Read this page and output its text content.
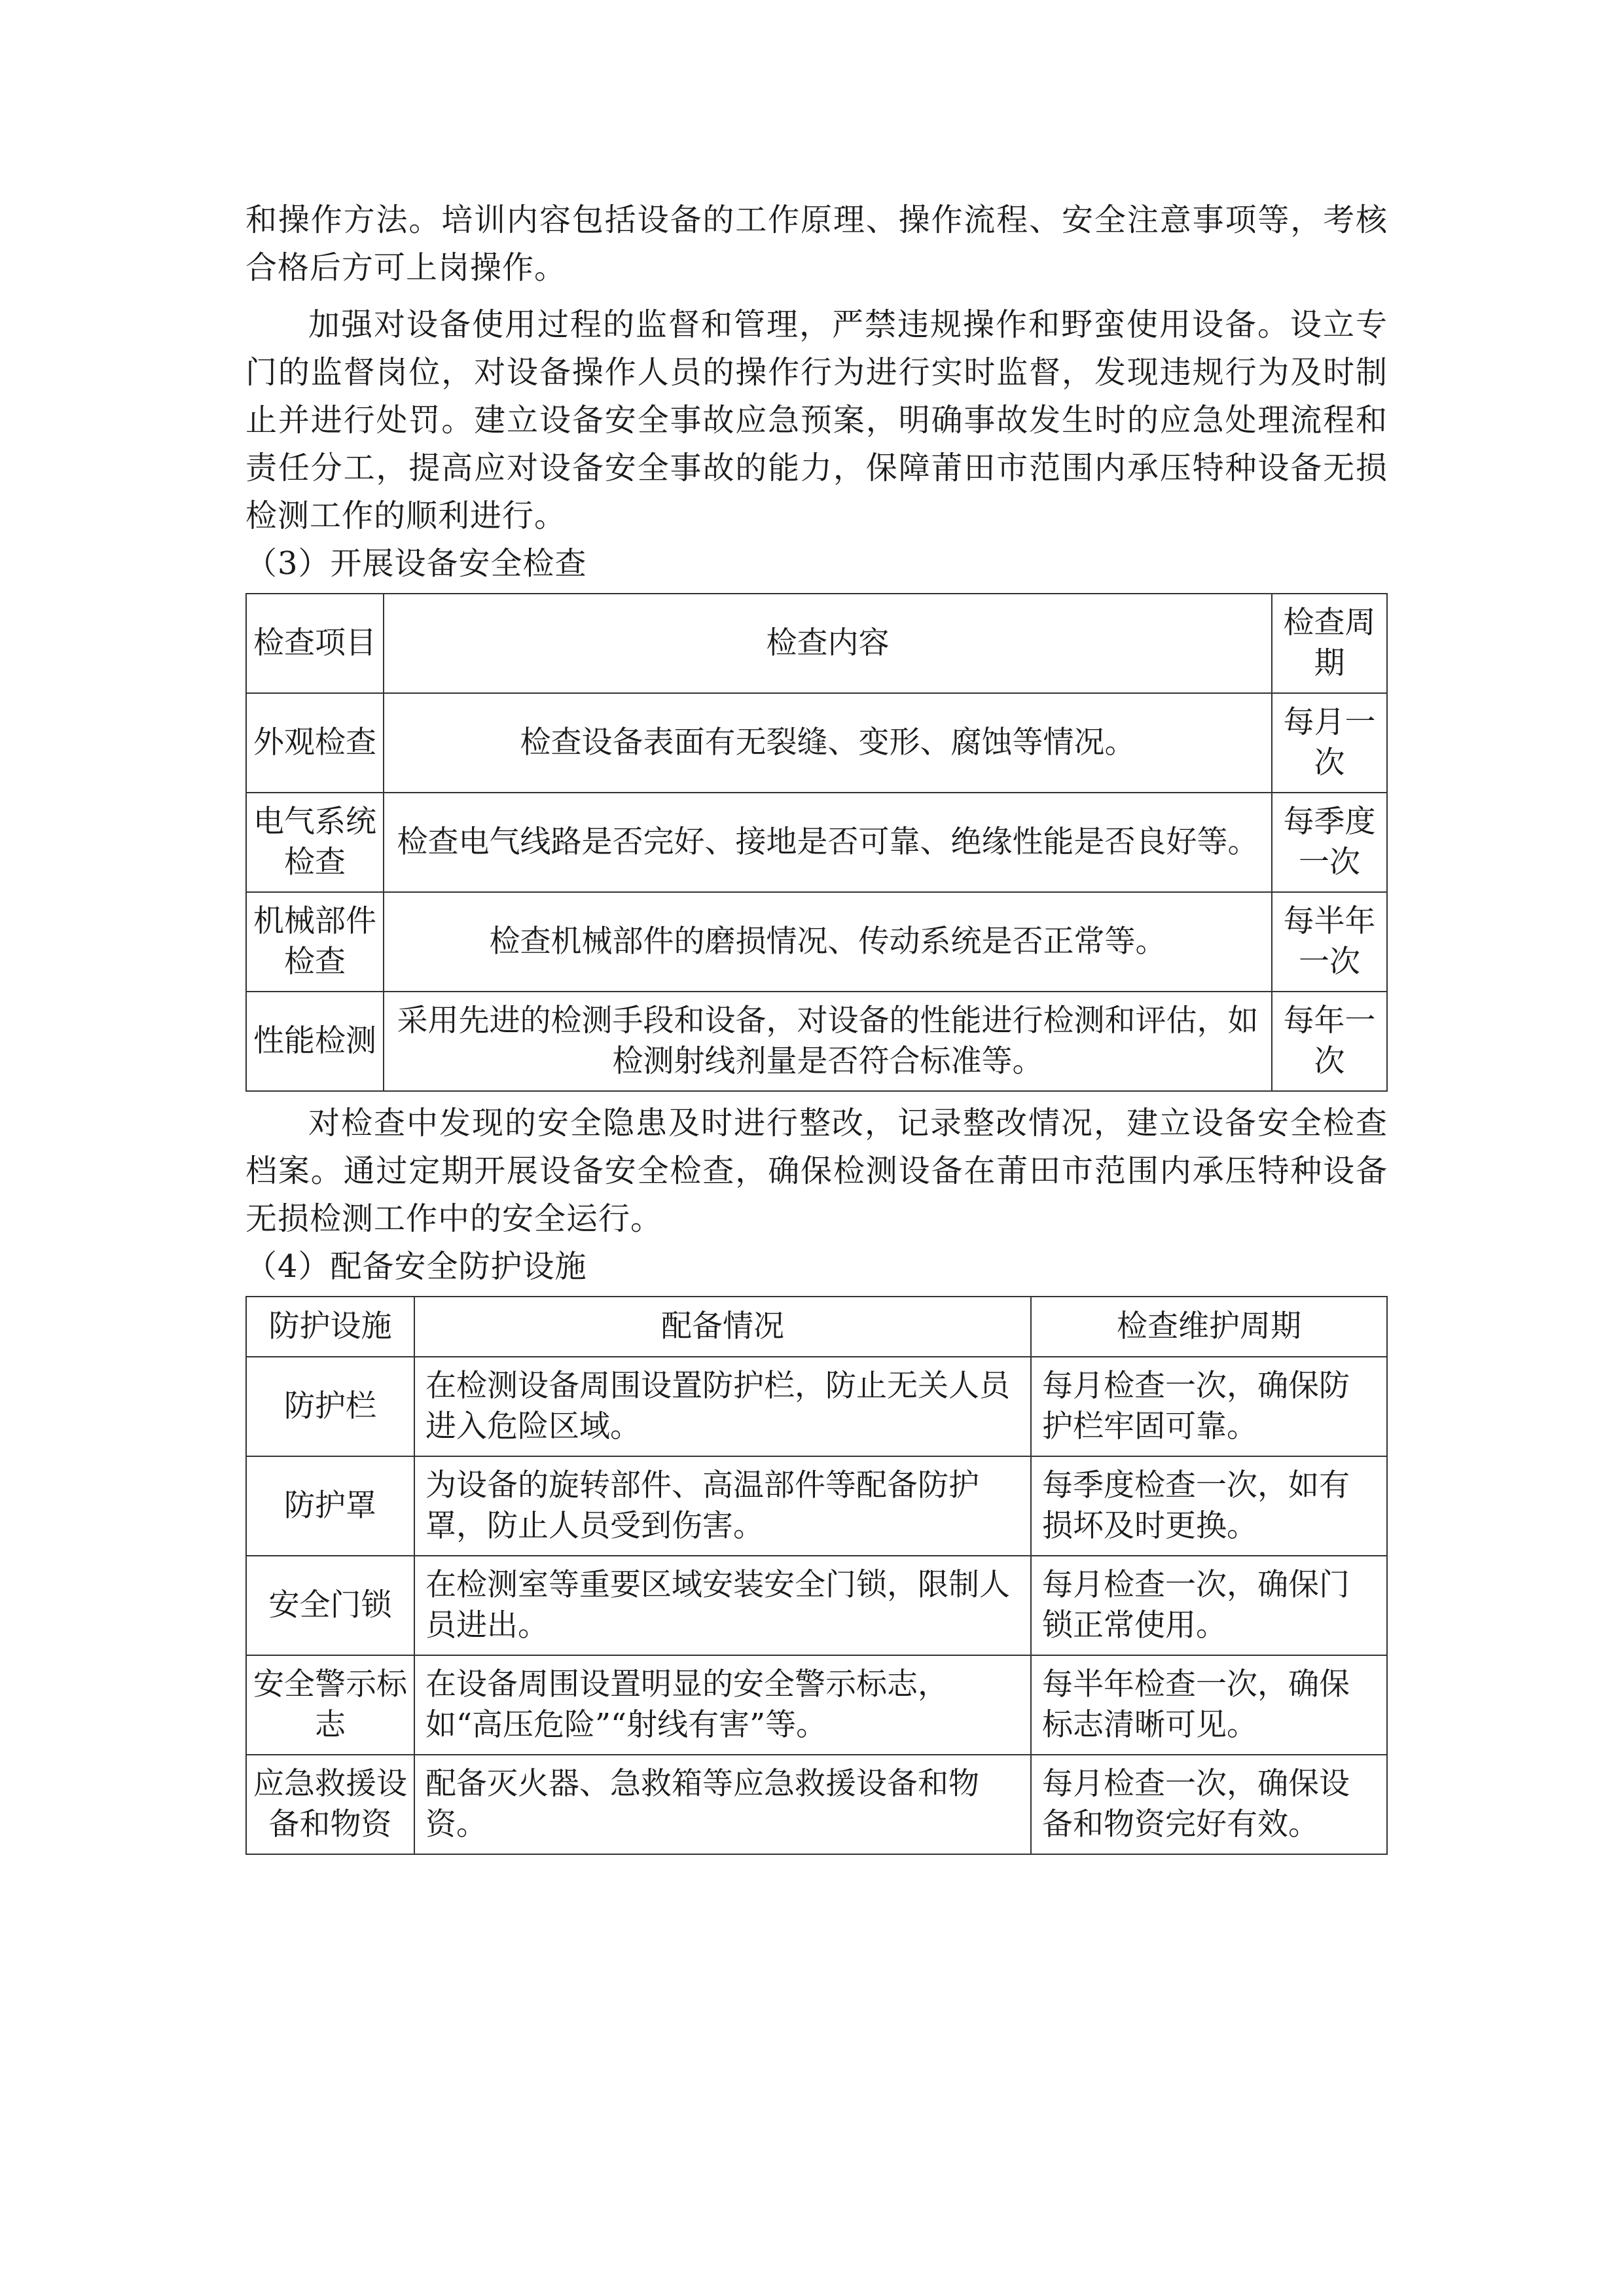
和操作方法。培训内容包括设备的工作原理、操作流程、安全注意事项等，考核合格后方可上岗操作。

加强对设备使用过程的监督和管理，严禁违规操作和野蛮使用设备。设立专门的监督岗位，对设备操作人员的操作行为进行实时监督，发现违规行为及时制止并进行处罚。建立设备安全事故应急预案，明确事故发生时的应急处理流程和责任分工，提高应对设备安全事故的能力，保障莆田市范围内承压特种设备无损检测工作的顺利进行。

（3）开展设备安全检查

检查项目	检查内容	检查周期
外观检查	检查设备表面有无裂缝、变形、腐蚀等情况。	每月一次
电气系统检查	检查电气线路是否完好、接地是否可靠、绝缘性能是否良好等。	每季度一次
机械部件检查	检查机械部件的磨损情况、传动系统是否正常等。	每半年一次
性能检测	采用先进的检测手段和设备，对设备的性能进行检测和评估，如检测射线剂量是否符合标准等。	每年一次

对检查中发现的安全隐患及时进行整改，记录整改情况，建立设备安全检查档案。通过定期开展设备安全检查，确保检测设备在莆田市范围内承压特种设备无损检测工作中的安全运行。

（4）配备安全防护设施

防护设施	配备情况	检查维护周期
防护栏	在检测设备周围设置防护栏，防止无关人员进入危险区域。	每月检查一次，确保防护栏牢固可靠。
防护罩	为设备的旋转部件、高温部件等配备防护罩，防止人员受到伤害。	每季度检查一次，如有损坏及时更换。
安全门锁	在检测室等重要区域安装安全门锁，限制人员进出。	每月检查一次，确保门锁正常使用。
安全警示标志	在设备周围设置明显的安全警示标志，如“高压危险”“射线有害”等。	每半年检查一次，确保标志清晰可见。
应急救援设备和物资	配备灭火器、急救箱等应急救援设备和物资。	每月检查一次，确保设备和物资完好有效。
